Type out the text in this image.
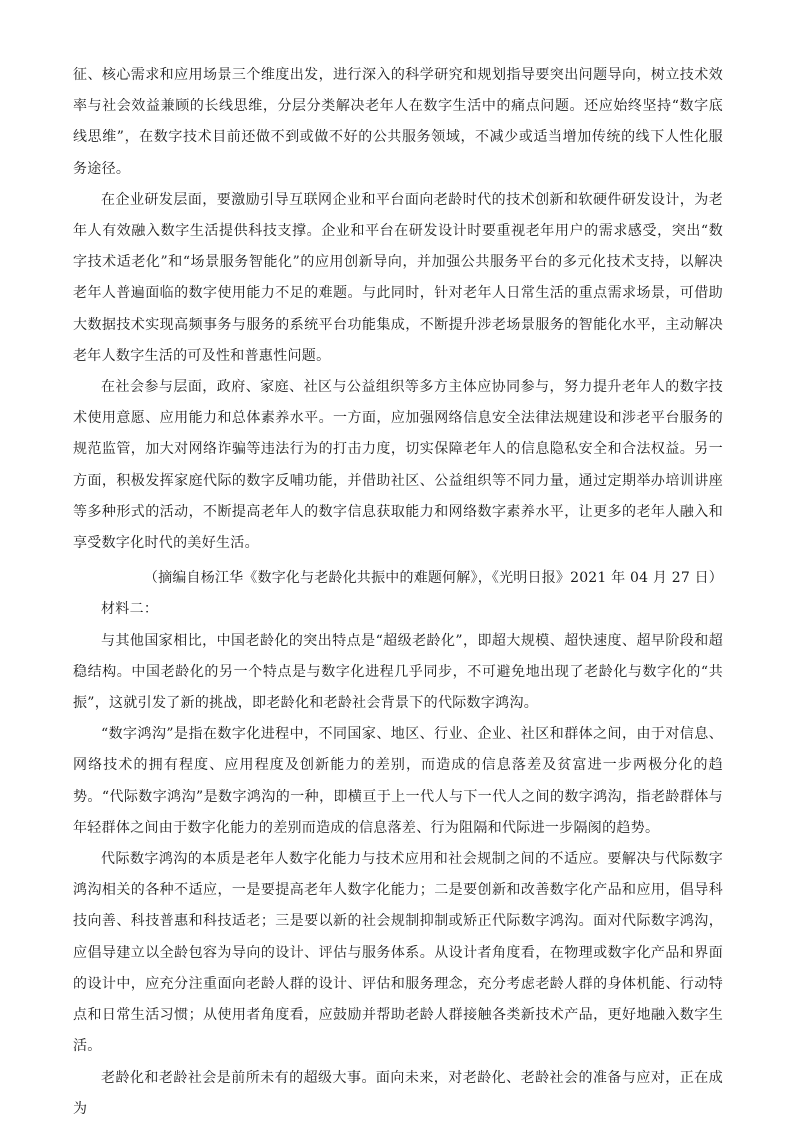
征、核心需求和应用场景三个维度出发，进行深入的科学研究和规划指导要突出问题导向，树立技术效率与社会效益兼顾的长线思维，分层分类解决老年人在数字生活中的痛点问题。还应始终坚持“数字底线思维”，在数字技术目前还做不到或做不好的公共服务领域，不减少或适当增加传统的线下人性化服务途径。

在企业研发层面，要激励引导互联网企业和平台面向老龄时代的技术创新和软硬件研发设计，为老年人有效融入数字生活提供科技支撑。企业和平台在研发设计时要重视老年用户的需求感受，突出“数字技术适老化”和“场景服务智能化”的应用创新导向，并加强公共服务平台的多元化技术支持，以解决老年人普遍面临的数字使用能力不足的难题。与此同时，针对老年人日常生活的重点需求场景，可借助大数据技术实现高频事务与服务的系统平台功能集成，不断提升涉老场景服务的智能化水平，主动解决老年人数字生活的可及性和普惠性问题。

在社会参与层面，政府、家庭、社区与公益组织等多方主体应协同参与，努力提升老年人的数字技术使用意愿、应用能力和总体素养水平。一方面，应加强网络信息安全法律法规建设和涉老平台服务的规范监管，加大对网络诈骗等违法行为的打击力度，切实保障老年人的信息隐私安全和合法权益。另一方面，积极发挥家庭代际的数字反哺功能，并借助社区、公益组织等不同力量，通过定期举办培训讲座等多种形式的活动，不断提高老年人的数字信息获取能力和网络数字素养水平，让更多的老年人融入和享受数字化时代的美好生活。

（摘编自杨江华《数字化与老龄化共振中的难题何解》，《光明日报》2021 年 04 月 27 日）

材料二：

与其他国家相比，中国老龄化的突出特点是“超级老龄化”，即超大规模、超快速度、超早阶段和超稳结构。中国老龄化的另一个特点是与数字化进程几乎同步，不可避免地出现了老龄化与数字化的“共振”，这就引发了新的挑战，即老龄化和老龄社会背景下的代际数字鸿沟。

“数字鸿沟”是指在数字化进程中，不同国家、地区、行业、企业、社区和群体之间，由于对信息、网络技术的拥有程度、应用程度及创新能力的差别，而造成的信息落差及贫富进一步两极分化的趋势。“代际数字鸿沟”是数字鸿沟的一种，即横亘于上一代人与下一代人之间的数字鸿沟，指老龄群体与年轻群体之间由于数字化能力的差别而造成的信息落差、行为阻隔和代际进一步隔阂的趋势。

代际数字鸿沟的本质是老年人数字化能力与技术应用和社会规制之间的不适应。要解决与代际数字鸿沟相关的各种不适应，一是要提高老年人数字化能力；二是要创新和改善数字化产品和应用，倡导科技向善、科技普惠和科技适老；三是要以新的社会规制抑制或矫正代际数字鸿沟。面对代际数字鸿沟，应倡导建立以全龄包容为导向的设计、评估与服务体系。从设计者角度看，在物理或数字化产品和界面的设计中，应充分注重面向老龄人群的设计、评估和服务理念，充分考虑老龄人群的身体机能、行动特点和日常生活习惯；从使用者角度看，应鼓励并帮助老龄人群接触各类新技术产品，更好地融入数字生活。

老龄化和老龄社会是前所未有的超级大事。面向未来，对老龄化、老龄社会的准备与应对，正在成为
